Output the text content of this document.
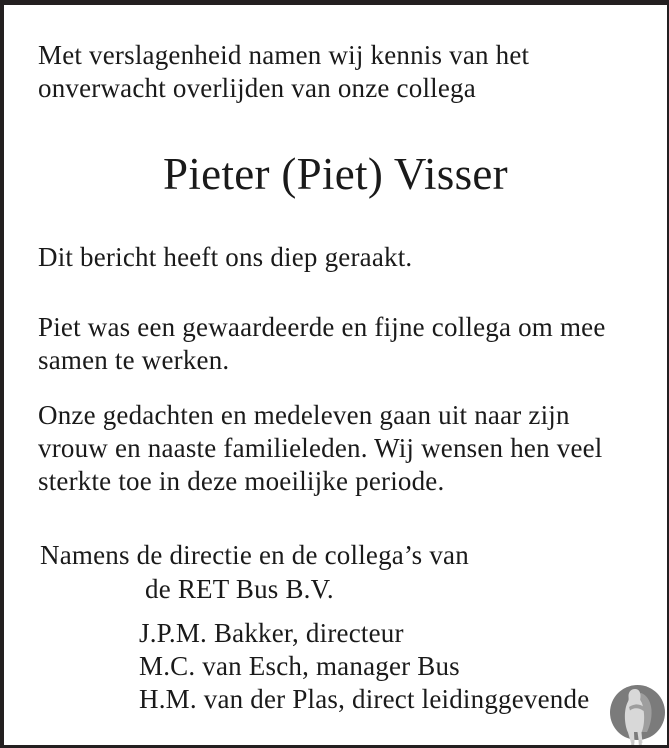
Met verslagenheid namen wij kennis van het
onverwacht overlijden van onze collega
Pieter (Piet) Visser
Dit bericht heeft ons diep geraakt.
Piet was een gewaardeerde en fijne collega om mee
samen te werken.
Onze gedachten en medeleven gaan uit naar zijn
vrouw en naaste familieleden. Wij wensen hen veel
sterkte toe in deze moeilijke periode.
Namens de directie en de collega’s van
de RET Bus B.V.
J.P.M. Bakker, directeur
M.C. van Esch, manager Bus
H.M. van der Plas, direct leidinggevende
